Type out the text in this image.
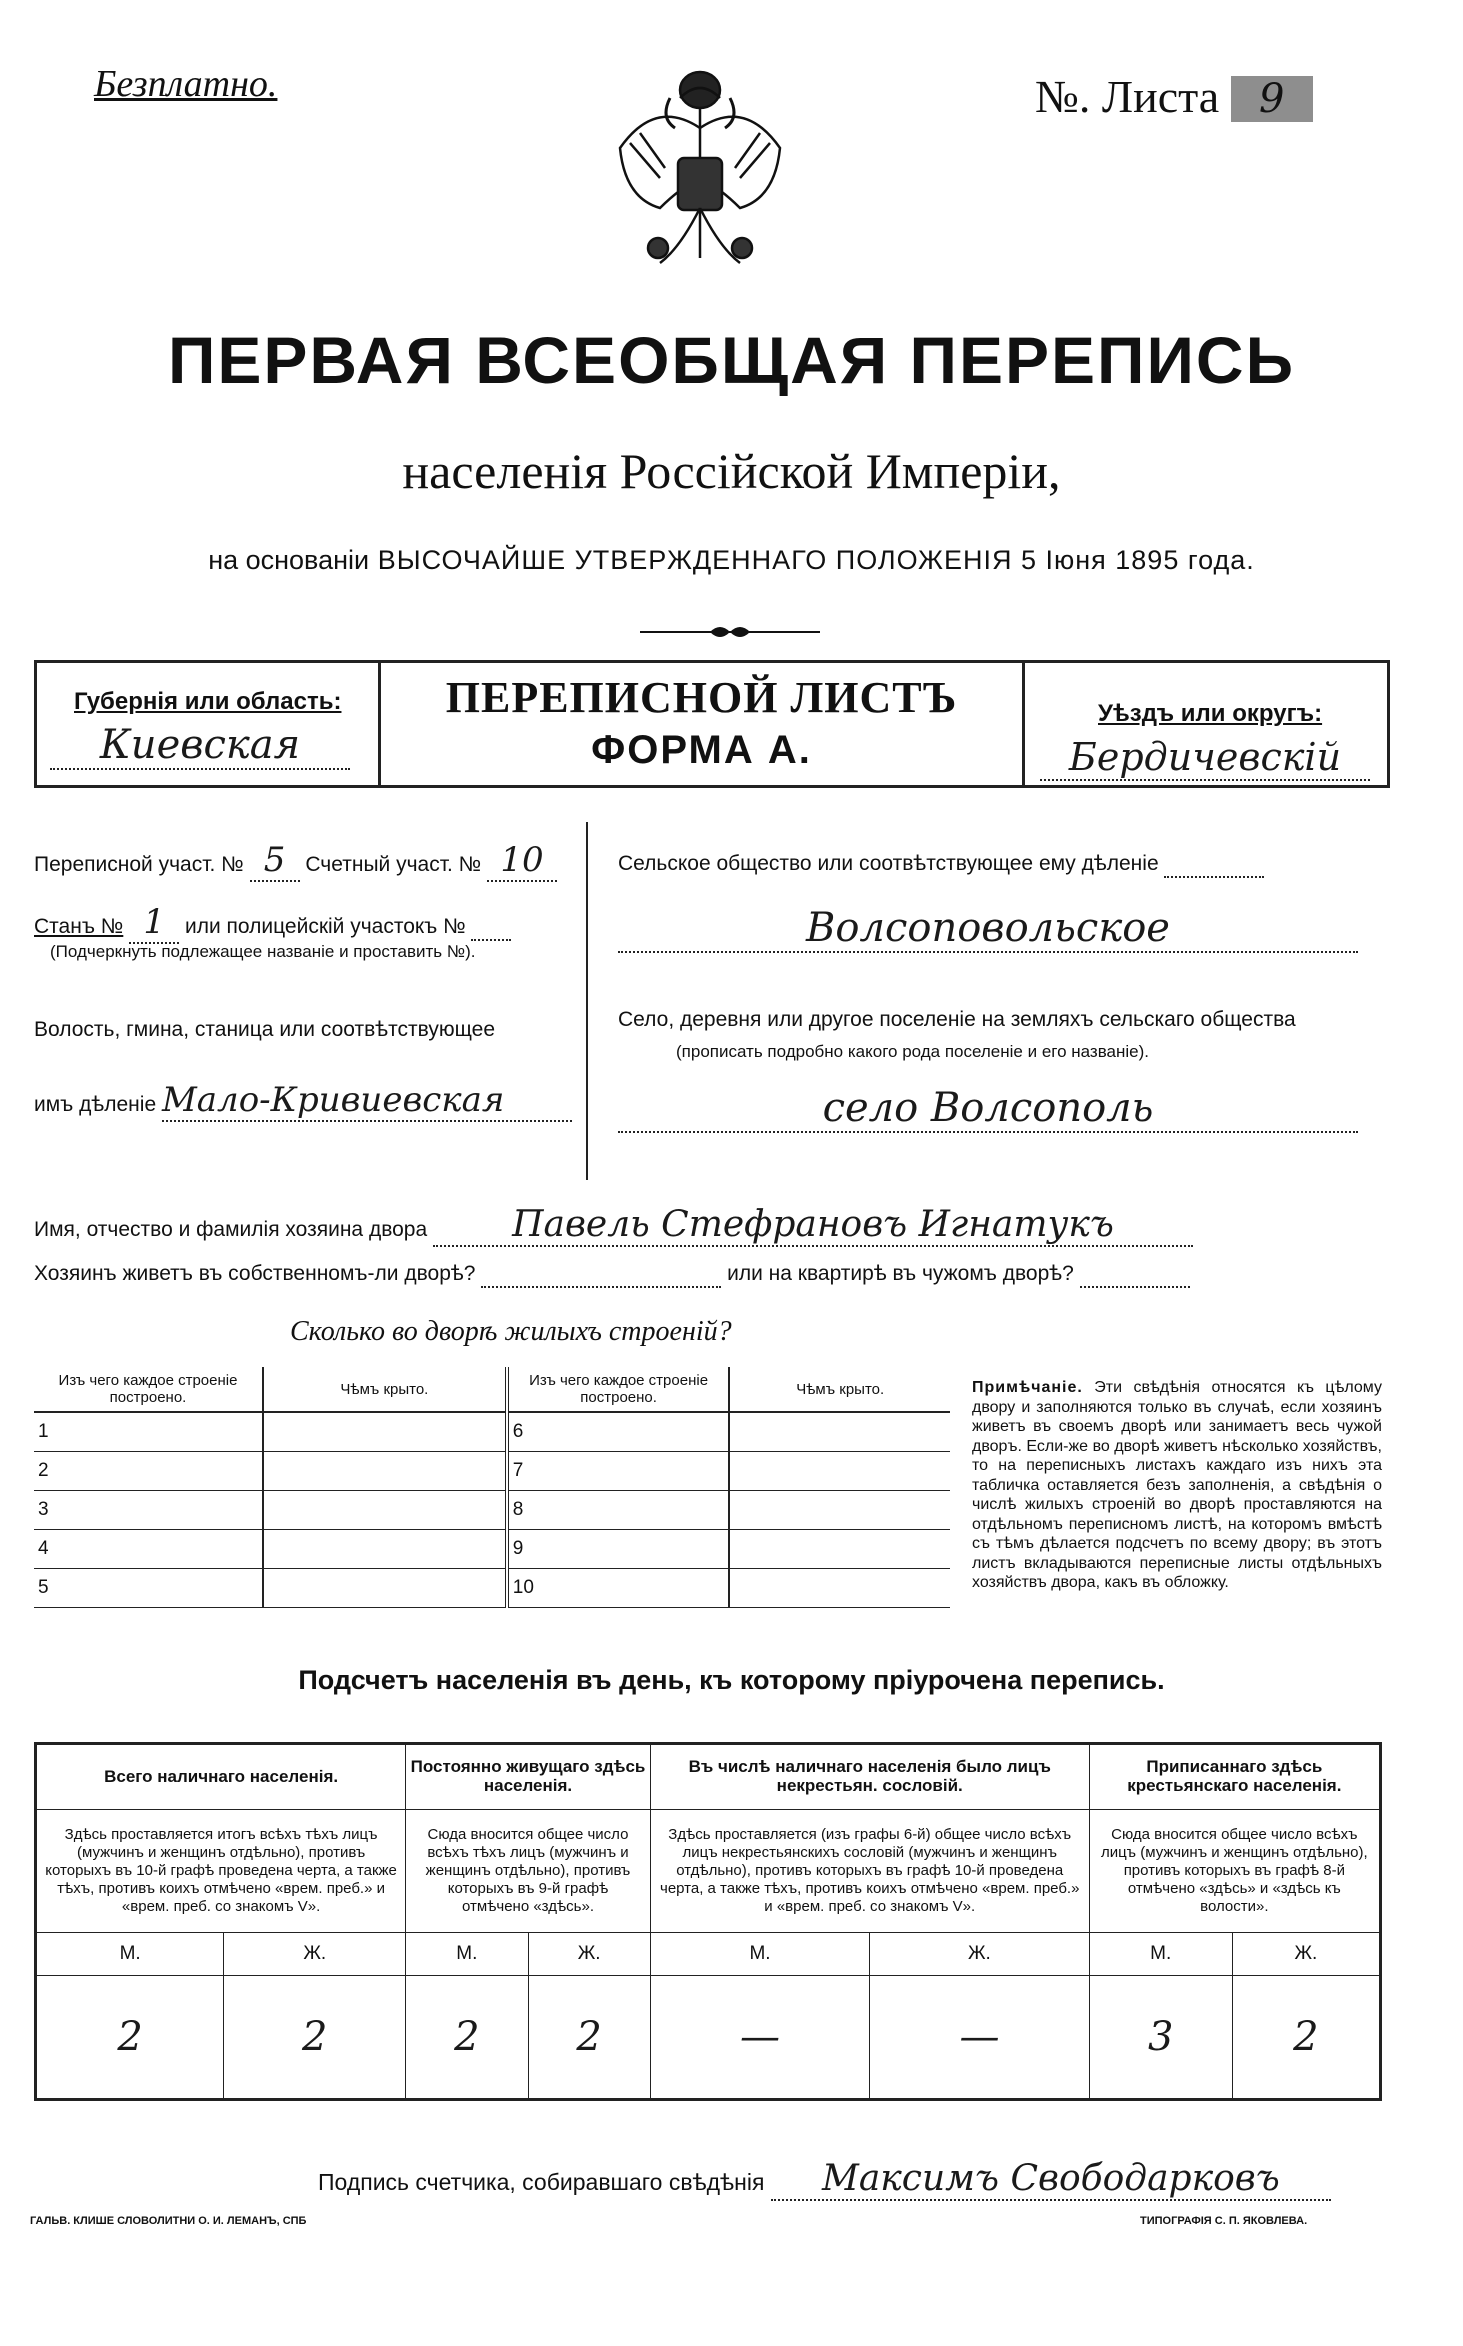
Безплатно.	№. Листа 9
ПЕРВАЯ ВСЕОБЩАЯ ПЕРЕПИСЬ
населенія Россійской Имперіи,
на основаніи ВЫСОЧАЙШЕ УТВЕРЖДЕННАГО ПОЛОЖЕНІЯ 5 Іюня 1895 года.
Губернія или область:
Киевская
ПЕРЕПИСНОЙ ЛИСТЪ
ФОРМА А.
Уѣздъ или округъ:
Бердичевскій
Переписной участ. № 5 Счетный участ. № 10
Станъ № 1 или полицейскій участокъ №
(Подчеркнуть подлежащее названіе и проставить №).
Волость, гмина, станица или соотвѣтствующее
имъ дѣленіе Мало-Кривиевская
Сельское общество или соотвѣтствующее ему дѣленіе
Волсоповольское
Село, деревня или другое поселеніе на земляхъ сельскаго общества
(прописать подробно какого рода поселеніе и его названіе).
село Волсополь
Имя, отчество и фамилія хозяина двора Павель Стефрановъ Игнатукъ
Хозяинъ живетъ въ собственномъ-ли дворѣ?	или на квартирѣ въ чужомъ дворѣ?
Сколько во дворѣ жилыхъ строеній?
Изъ чего каждое строеніе построено.	Чѣмъ крыто.	Изъ чего каждое строеніе построено.	Чѣмъ крыто.
1		6	
2		7	
3		8	
4		9	
5		10	

Примѣчаніе. Эти свѣдѣнія относятся къ цѣлому двору и заполняются только въ случаѣ, если хозяинъ живетъ въ своемъ дворѣ или занимаетъ весь чужой дворъ. Если-же во дворѣ живетъ нѣсколько хозяйствъ, то на переписныхъ листахъ каждаго изъ нихъ эта табличка оставляется безъ заполненія, а свѣдѣнія о числѣ жилыхъ строеній во дворѣ проставляются на отдѣльномъ переписномъ листѣ, на которомъ вмѣстѣ съ тѣмъ дѣлается подсчетъ по всему двору; въ этотъ листъ вкладываются переписные листы отдѣльныхъ хозяйствъ двора, какъ въ обложку.

Подсчетъ населенія въ день, къ которому пріурочена перепись.
Всего наличнаго населенія.		Постоянно живущаго здѣсь населенія.		Въ числѣ наличнаго населенія было лицъ некрестьян. сословій.		Приписаннаго здѣсь крестьянскаго населенія.	
Здѣсь проставляется итогъ всѣхъ тѣхъ лицъ (мужчинъ и женщинъ отдѣльно), противъ которыхъ въ 10-й графѣ проведена черта, а также тѣхъ, противъ коихъ отмѣчено «врем. преб.» и «врем. преб. со знакомъ V».		Сюда вносится общее число всѣхъ тѣхъ лицъ (мужчинъ и женщинъ отдѣльно), противъ которыхъ въ 9-й графѣ отмѣчено «здѣсь».		Здѣсь проставляется (изъ графы 6-й) общее число всѣхъ лицъ некрестьянскихъ сословій (мужчинъ и женщинъ отдѣльно), противъ которыхъ въ графѣ 10-й проведена черта, а также тѣхъ, противъ коихъ отмѣчено «врем. преб.» и «врем. преб. со знакомъ V».		Сюда вносится общее число всѣхъ лицъ (мужчинъ и женщинъ отдѣльно), противъ которыхъ въ графѣ 8-й отмѣчено «здѣсь» и «здѣсь къ волости».	
М.	Ж.	М.	Ж.	М.	Ж.	М.	Ж.
2	2	2	2	—	—	3	2
Подпись счетчика, собиравшаго свѣдѣнія Максимъ Свободарковъ
ГАЛЬВ. КЛИШЕ СЛОВОЛИТНИ О. И. ЛЕМАНЪ, СПБ	ТИПОГРАФІЯ С. П. ЯКОВЛЕВА.
